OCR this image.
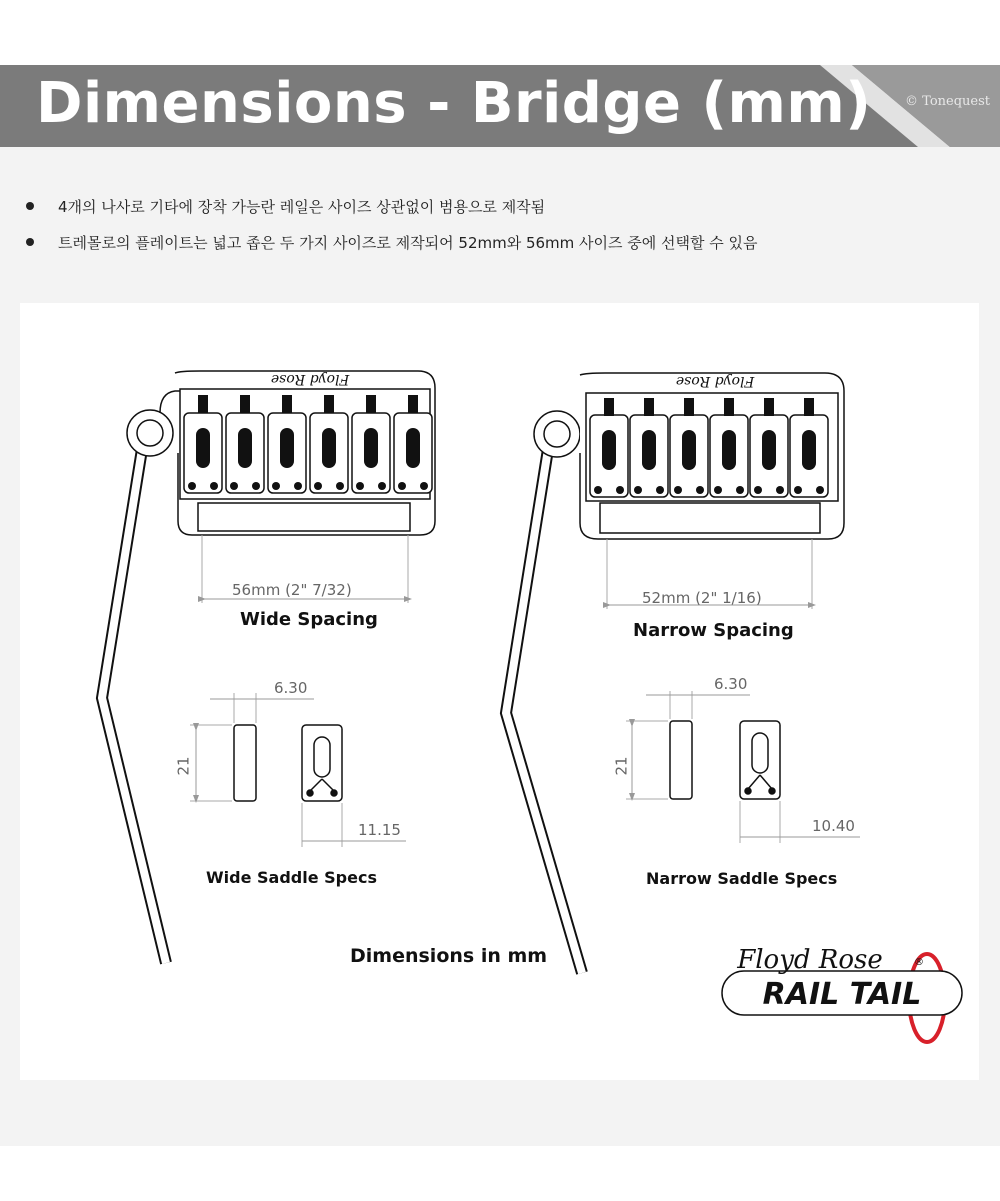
Dimensions - Bridge (mm)	© Tonequest
4개의 나사로 기타에 장착 가능란 레일은 사이즈 상관없이 범용으로 제작됨
트레몰로의 플레이트는 넓고 좁은 두 가지 사이즈로 제작되어 52mm와 56mm 사이즈 중에 선택할 수 있음
Floyd Rose	Floyd Rose
RAIL TAIL
Floyd Rose	®
56mm (2" 7/32)
Wide Spacing
52mm (2" 1/16)
Narrow Spacing
6.30
21
11.15
Wide Saddle Specs
6.30
21
10.40
Narrow Saddle Specs
Dimensions in mm
